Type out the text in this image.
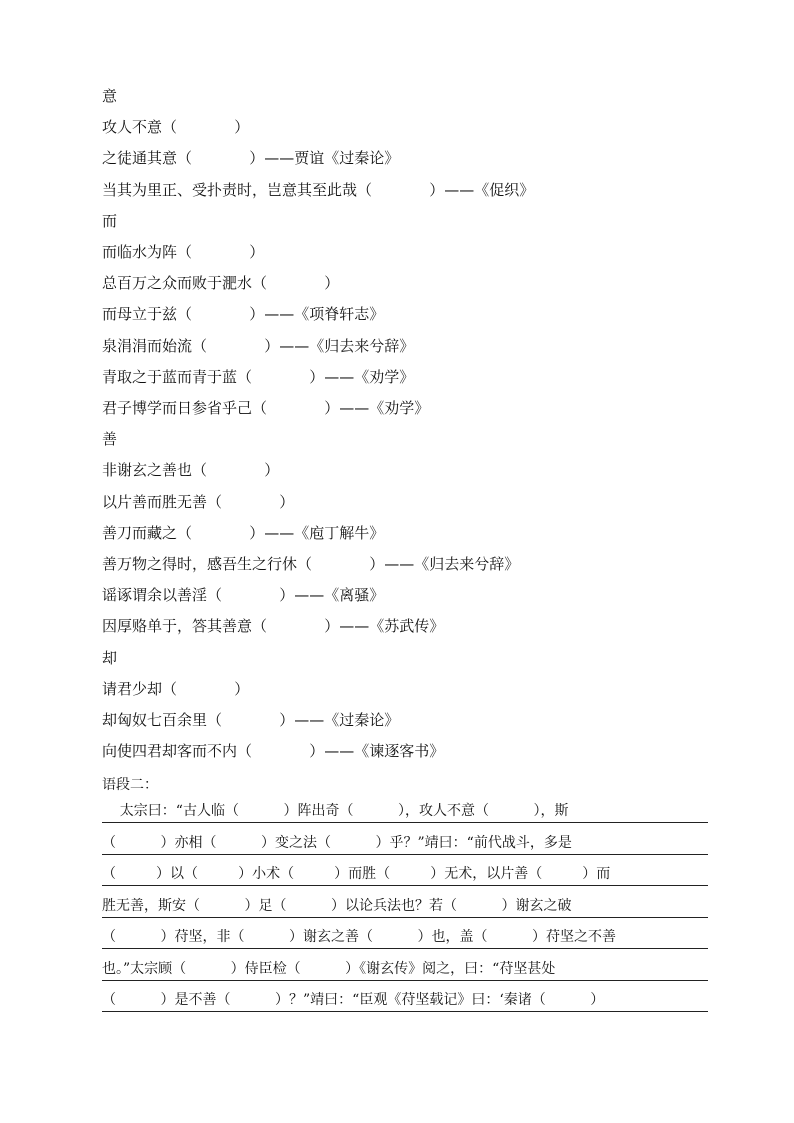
意
攻人不意（            ）
之徒通其意（            ）——贾谊《过秦论》
当其为里正、受扑责时，岂意其至此哉（            ）——《促织》
而
而临水为阵（            ）
总百万之众而败于淝水（            ）
而母立于兹（            ）——《项脊轩志》
泉涓涓而始流（            ）——《归去来兮辞》
青取之于蓝而青于蓝（            ）——《劝学》
君子博学而日参省乎己（            ）——《劝学》
善
非谢玄之善也（            ）
以片善而胜无善（            ）
善刀而藏之（            ）——《庖丁解牛》
善万物之得时，感吾生之行休（            ）——《归去来兮辞》
谣诼谓余以善淫（            ）——《离骚》
因厚赂单于，答其善意（            ）——《苏武传》
却
请君少却（            ）
却匈奴七百余里（            ）——《过秦论》
向使四君却客而不内（            ）——《谏逐客书》
语段二：
太宗曰：“古人临（          ）阵出奇（          ），攻人不意（          ），斯
（          ）亦相（          ）变之法（          ）乎？”靖曰：“前代战斗，多是
（         ）以（         ）小术（         ）而胜（         ）无术，以片善（         ）而
胜无善，斯安（          ）足（          ）以论兵法也？若（          ）谢玄之破
（          ）苻坚，非（          ）谢玄之善（          ）也，盖（          ）苻坚之不善
也。”太宗顾（          ）侍臣检（          ）《谢玄传》阅之，曰：“苻坚甚处
（          ）是不善（          ）？”靖曰：“臣观《苻坚载记》曰：‘秦诸（          ）
